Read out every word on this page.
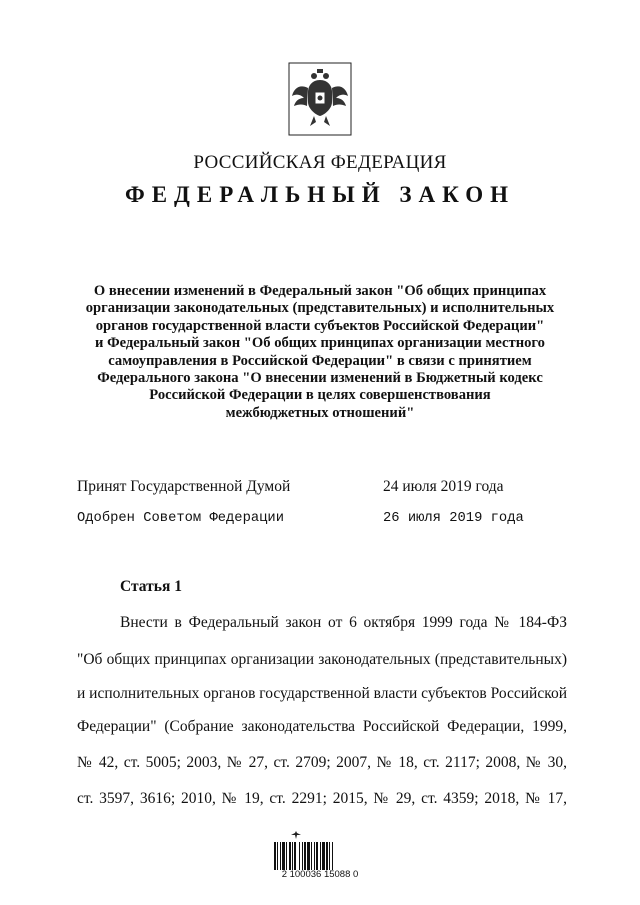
РОССИЙСКАЯ ФЕДЕРАЦИЯ
ФЕДЕРАЛЬНЫЙ ЗАКОН
О внесении изменений в Федеральный закон "Об общих принципах
организации законодательных (представительных) и исполнительных
органов государственной власти субъектов Российской Федерации"
и Федеральный закон "Об общих принципах организации местного
самоуправления в Российской Федерации" в связи с принятием
Федерального закона "О внесении изменений в Бюджетный кодекс
Российской Федерации в целях совершенствования
межбюджетных отношений"
Принят Государственной Думой	24 июля 2019 года
Одобрен Советом Федерации	26 июля 2019 года
Статья 1
Внести в Федеральный закон от 6 октября 1999 года № 184-ФЗ
"Об общих принципах организации законодательных (представительных)
и исполнительных органов государственной власти субъектов Российской
Федерации" (Собрание законодательства Российской Федерации, 1999,
№ 42, ст. 5005; 2003, № 27, ст. 2709; 2007, № 18, ст. 2117; 2008, № 30,
ст. 3597, 3616; 2010, № 19, ст. 2291; 2015, № 29, ст. 4359; 2018, № 17,
2 100036 15088 0
